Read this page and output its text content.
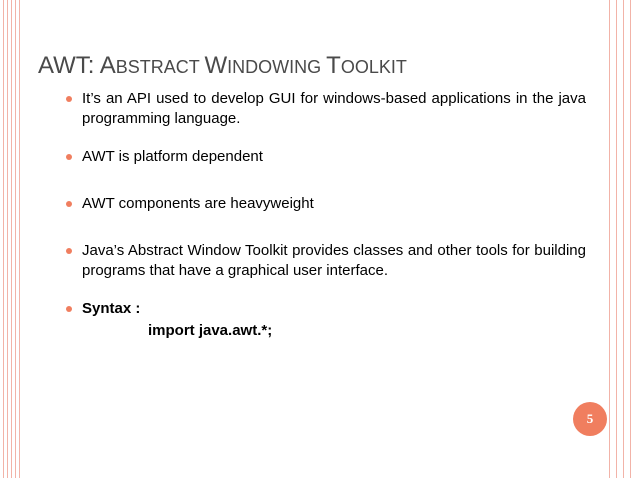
AWT: ABSTRACT WINDOWING TOOLKIT
It’s an API used to develop GUI for windows-based applications in the java programming language.
AWT is platform dependent
AWT components are heavyweight
Java’s Abstract Window Toolkit provides classes and other tools for building programs that have a graphical user interface.
Syntax :
import java.awt.*;
5
